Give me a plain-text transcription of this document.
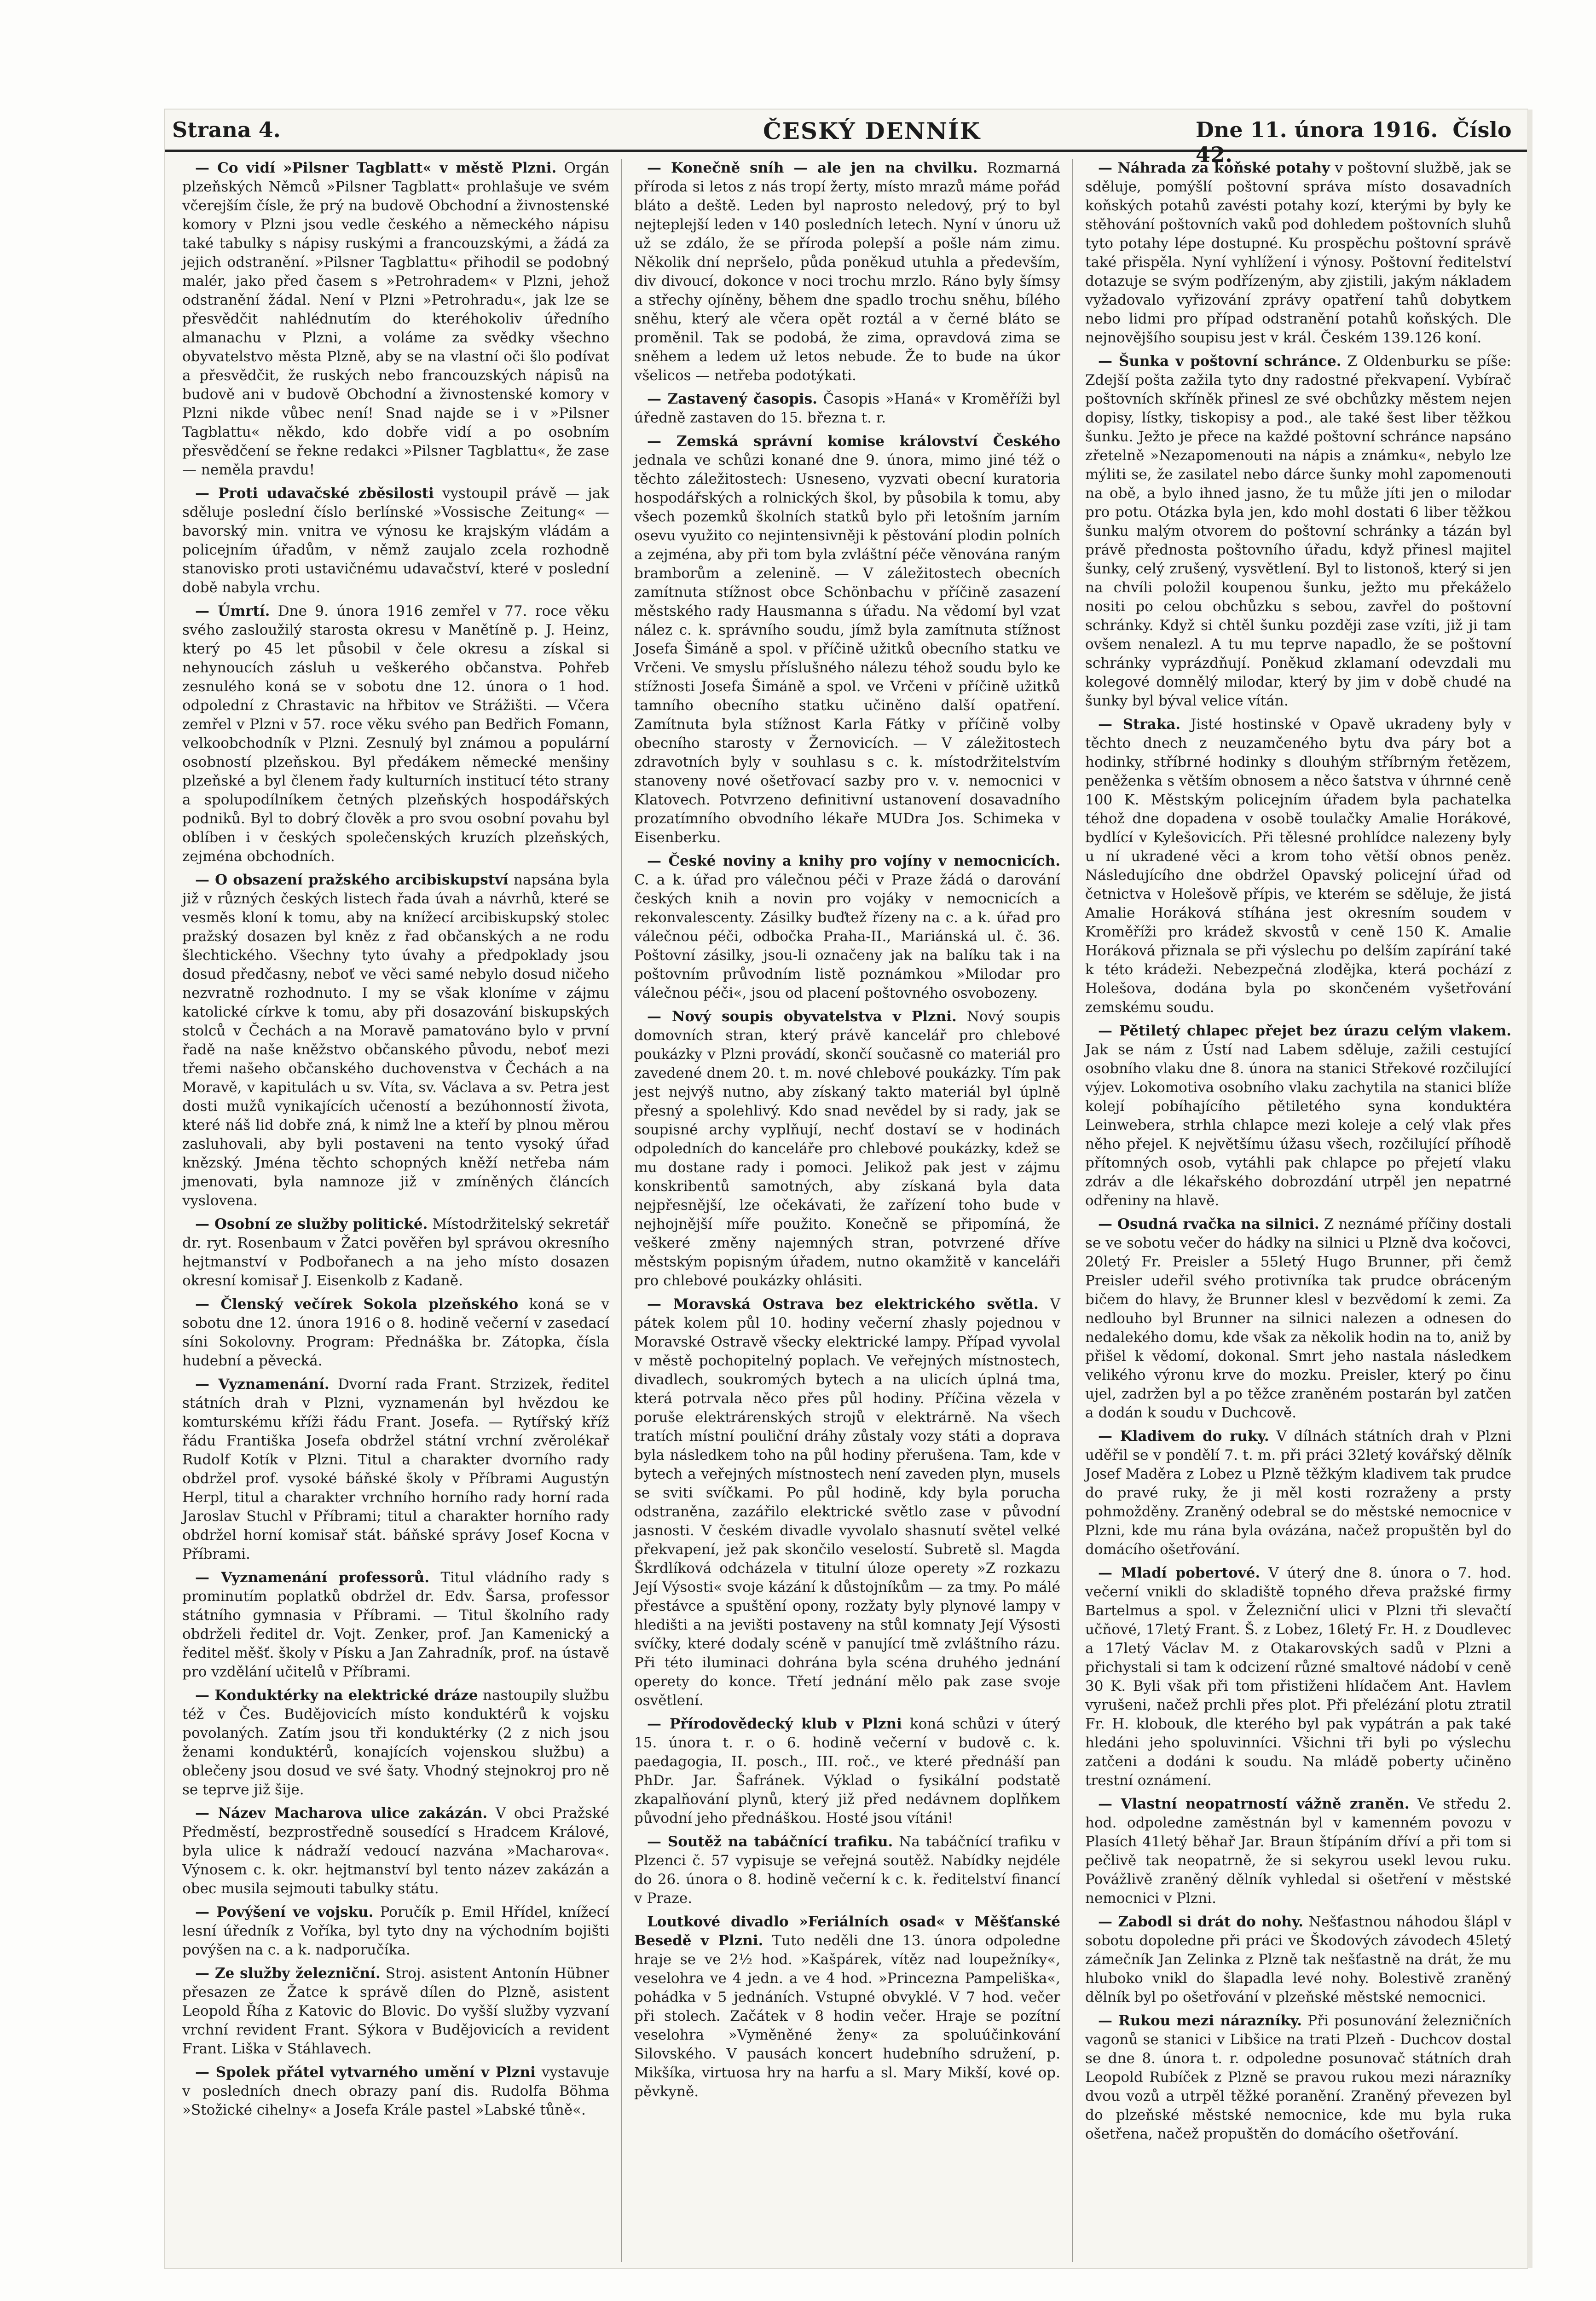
Strana 4.	ČESKÝ DENNÍK	Dne 11. února 1916. Číslo 42.

— Co vidí »Pilsner Tagblatt« v městě Plzni. Orgán plzeňských Němců »Pilsner Tagblatt« prohlašuje ve svém včerejším čísle, že prý na budově Obchodní a živnostenské komory v Plzni jsou vedle českého a německého nápisu také tabulky s nápisy ruskými a francouzskými, a žádá za jejich odstranění. »Pilsner Tagblattu« přihodil se podobný malér, jako před časem s »Petrohradem« v Plzni, jehož odstranění žádal. Není v Plzni »Petrohradu«, jak lze se přesvědčit nahlédnutím do kteréhokoliv úředního almanachu v Plzni, a voláme za svědky všechno obyvatelstvo města Plzně, aby se na vlastní oči šlo podívat a přesvědčit, že ruských nebo francouzských nápisů na budově ani v budově Obchodní a živnostenské komory v Plzni nikde vůbec není! Snad najde se i v »Pilsner Tagblattu« někdo, kdo dobře vidí a po osobním přesvědčení se řekne redakci »Pilsner Tagblattu«, že zase — neměla pravdu!

— Proti udavačské zběsilosti vystoupil právě — jak sděluje poslední číslo berlínské »Vossische Zeitung« — bavorský min. vnitra ve výnosu ke krajským vládám a policejním úřadům, v němž zaujalo zcela rozhodně stanovisko proti ustavičnému udavačství, které v poslední době nabyla vrchu.

— Úmrtí. Dne 9. února 1916 zemřel v 77. roce věku svého zasloužilý starosta okresu v Manětíně p. J. Heinz, který po 45 let působil v čele okresu a získal si nehynoucích zásluh u veškerého občanstva. Pohřeb zesnulého koná se v sobotu dne 12. února o 1 hod. odpolední z Chrastavic na hřbitov ve Strážišti. — Včera zemřel v Plzni v 57. roce věku svého pan Bedřich Fomann, velkoobchodník v Plzni. Zesnulý byl známou a populární osobností plzeňskou. Byl předákem německé menšiny plzeňské a byl členem řady kulturních institucí této strany a spolupodílníkem četných plzeňských hospodářských podniků. Byl to dobrý člověk a pro svou osobní povahu byl oblíben i v českých společenských kruzích plzeňských, zejména obchodních.

— O obsazení pražského arcibiskupství napsána byla již v různých českých listech řada úvah a návrhů, které se vesměs kloní k tomu, aby na knížecí arcibiskupský stolec pražský dosazen byl kněz z řad občanských a ne rodu šlechtického. Všechny tyto úvahy a předpoklady jsou dosud předčasny, neboť ve věci samé nebylo dosud ničeho nezvratně rozhodnuto. I my se však kloníme v zájmu katolické církve k tomu, aby při dosazování biskupských stolců v Čechách a na Moravě pamatováno bylo v první řadě na naše kněžstvo občanského původu, neboť mezi třemi našeho občanského duchovenstva v Čechách a na Moravě, v kapitulách u sv. Víta, sv. Václava a sv. Petra jest dosti mužů vynikajících učeností a bezúhonností života, které náš lid dobře zná, k nimž lne a kteří by plnou měrou zasluhovali, aby byli postaveni na tento vysoký úřad knězský. Jména těchto schopných kněží netřeba nám jmenovati, byla namnoze již v zmíněných článcích vyslovena.

— Osobní ze služby politické. Místodržitelský sekretář dr. ryt. Rosenbaum v Žatci pověřen byl správou okresního hejtmanství v Podbořanech a na jeho místo dosazen okresní komisař J. Eisenkolb z Kadaně.

— Členský večírek Sokola plzeňského koná se v sobotu dne 12. února 1916 o 8. hodině večerní v zasedací síni Sokolovny. Program: Přednáška br. Zátopka, čísla hudební a pěvecká.

— Vyznamenání. Dvorní rada Frant. Strzizek, ředitel státních drah v Plzni, vyznamenán byl hvězdou ke komturskému kříži řádu Frant. Josefa. — Rytířský kříž řádu Františka Josefa obdržel státní vrchní zvěrolékař Rudolf Kotík v Plzni. Titul a charakter dvorního rady obdržel prof. vysoké báňské školy v Příbrami Augustýn Herpl, titul a charakter vrchního horního rady horní rada Jaroslav Stuchl v Příbrami; titul a charakter horního rady obdržel horní komisař stát. báňské správy Josef Kocna v Příbrami.

— Vyznamenání professorů. Titul vládního rady s prominutím poplatků obdržel dr. Edv. Šarsa, professor státního gymnasia v Příbrami. — Titul školního rady obdrželi ředitel dr. Vojt. Zenker, prof. Jan Kamenický a ředitel měšť. školy v Písku a Jan Zahradník, prof. na ústavě pro vzdělání učitelů v Příbrami.

— Konduktérky na elektrické dráze nastoupily službu též v Čes. Budějovicích místo konduktérů k vojsku povolaných. Zatím jsou tři konduktérky (2 z nich jsou ženami konduktérů, konajících vojenskou službu) a oblečeny jsou dosud ve své šaty. Vhodný stejnokroj pro ně se teprve již šije.

— Název Macharova ulice zakázán. V obci Pražské Předměstí, bezprostředně sousedící s Hradcem Králové, byla ulice k nádraží vedoucí nazvána »Macharova«. Výnosem c. k. okr. hejtmanství byl tento název zakázán a obec musila sejmouti tabulky státu.

— Povýšení ve vojsku. Poručík p. Emil Hřídel, knížecí lesní úředník z Voříka, byl tyto dny na východním bojišti povýšen na c. a k. nadporučíka.

— Ze služby železniční. Stroj. asistent Antonín Hübner přesazen ze Žatce k správě dílen do Plzně, asistent Leopold Říha z Katovic do Blovic. Do vyšší služby vyzvaní vrchní revident Frant. Sýkora v Budějovicích a revident Frant. Liška v Stáhlavech.

— Spolek přátel vytvarného umění v Plzni vystavuje v posledních dnech obrazy paní dis. Rudolfa Böhma »Stožické cihelny« a Josefa Krále pastel »Labské tůně«.

— Konečně sníh — ale jen na chvilku. Rozmarná příroda si letos z nás tropí žerty, místo mrazů máme pořád bláto a deště. Leden byl naprosto neledový, prý to byl nejteplejší leden v 140 posledních letech. Nyní v únoru už už se zdálo, že se příroda polepší a pošle nám zimu. Několik dní nepršelo, půda poněkud utuhla a především, div divoucí, dokonce v noci trochu mrzlo. Ráno byly šímsy a střechy ojíněny, během dne spadlo trochu sněhu, bílého sněhu, který ale včera opět roztál a v černé bláto se proměnil. Tak se podobá, že zima, opravdová zima se sněhem a ledem už letos nebude. Že to bude na úkor všelicos — netřeba podotýkati.

— Zastavený časopis. Časopis »Haná« v Kroměříži byl úředně zastaven do 15. března t. r.

— Zemská správní komise království Českého jednala ve schůzi konané dne 9. února, mimo jiné též o těchto záležitostech: Usneseno, vyzvati obecní kuratoria hospodářských a rolnických škol, by působila k tomu, aby všech pozemků školních statků bylo při letošním jarním osevu využito co nejintensivněji k pěstování plodin polních a zejména, aby při tom byla zvláštní péče věnována raným bramborům a zelenině. — V záležitostech obecních zamítnuta stížnost obce Schönbachu v příčině zasazení městského rady Hausmanna s úřadu. Na vědomí byl vzat nález c. k. správního soudu, jímž byla zamítnuta stížnost Josefa Šimáně a spol. v příčině užitků obecního statku ve Vrčeni. Ve smyslu příslušného nálezu téhož soudu bylo ke stížnosti Josefa Šimáně a spol. ve Vrčeni v příčině užitků tamního obecního statku učiněno další opatření. Zamítnuta byla stížnost Karla Fátky v příčině volby obecního starosty v Žernovicích. — V záležitostech zdravotních byly v souhlasu s c. k. místodržitelstvím stanoveny nové ošetřovací sazby pro v. v. nemocnici v Klatovech. Potvrzeno definitivní ustanovení dosavadního prozatímního obvodního lékaře MUDra Jos. Schimeka v Eisenberku.

— České noviny a knihy pro vojíny v nemocnicích. C. a k. úřad pro válečnou péči v Praze žádá o darování českých knih a novin pro vojáky v nemocnicích a rekonvalescenty. Zásilky buďtež řízeny na c. a k. úřad pro válečnou péči, odbočka Praha-II., Mariánská ul. č. 36. Poštovní zásilky, jsou-li označeny jak na balíku tak i na poštovním průvodním listě poznámkou »Milodar pro válečnou péči«, jsou od placení poštovného osvobozeny.

— Nový soupis obyvatelstva v Plzni. Nový soupis domovních stran, který právě kancelář pro chlebové poukázky v Plzni provádí, skončí současně co materiál pro zavedené dnem 20. t. m. nové chlebové poukázky. Tím pak jest nejvýš nutno, aby získaný takto materiál byl úplně přesný a spolehlivý. Kdo snad nevědel by si rady, jak se soupisné archy vyplňují, nechť dostaví se v hodinách odpoledních do kanceláře pro chlebové poukázky, kdež se mu dostane rady i pomoci. Jelikož pak jest v zájmu konskribentů samotných, aby získaná byla data nejpřesnější, lze očekávati, že zařízení toho bude v nejhojnější míře použito. Konečně se připomíná, že veškeré změny najemných stran, potvrzené dříve městským popisným úřadem, nutno okamžitě v kanceláři pro chlebové poukázky ohlásiti.

— Moravská Ostrava bez elektrického světla. V pátek kolem půl 10. hodiny večerní zhasly pojednou v Moravské Ostravě všecky elektrické lampy. Případ vyvolal v městě pochopitelný poplach. Ve veřejných místnostech, divadlech, soukromých bytech a na ulicích úplná tma, která potrvala něco přes půl hodiny. Příčina vězela v poruše elektrárenských strojů v elektrárně. Na všech tratích místní pouliční dráhy zůstaly vozy státi a doprava byla následkem toho na půl hodiny přerušena. Tam, kde v bytech a veřejných místnostech není zaveden plyn, musels se sviti svíčkami. Po půl hodině, kdy byla porucha odstraněna, zazářilo elektrické světlo zase v původní jasnosti. V českém divadle vyvolalo shasnutí světel velké překvapení, jež pak skončilo veselostí. Subretě sl. Magda Škrdlíková odcházela v titulní úloze operety »Z rozkazu Její Výsosti« svoje kázání k důstojníkům — za tmy. Po málé přestávce a spuštění opony, rozžaty byly plynové lampy v hledišti a na jevišti postaveny na stůl komnaty Její Výsosti svíčky, které dodaly scéně v panující tmě zvláštního rázu. Při této iluminaci dohrána byla scéna druhého jednání operety do konce. Třetí jednání mělo pak zase svoje osvětlení.

— Přírodovědecký klub v Plzni koná schůzi v úterý 15. února t. r. o 6. hodině večerní v budově c. k. paedagogia, II. posch., III. roč., ve které přednáší pan PhDr. Jar. Šafránek. Výklad o fysikální podstatě zkapalňování plynů, který již před nedávnem doplňkem původní jeho přednáškou. Hosté jsou vítáni!

— Soutěž na tabáčnící trafiku. Na tabáčnící trafiku v Plzenci č. 57 vypisuje se veřejná soutěž. Nabídky nejdéle do 26. února o 8. hodině večerní k c. k. ředitelství financí v Praze.

Loutkové divadlo »Feriálních osad« v Měšťanské Besedě v Plzni. Tuto neděli dne 13. února odpoledne hraje se ve 2½ hod. »Kašpárek, vítěz nad loupežníky«, veselohra ve 4 jedn. a ve 4 hod. »Princezna Pampeliška«, pohádka v 5 jednáních. Vstupné obvyklé. V 7 hod. večer při stolech. Začátek v 8 hodin večer. Hraje se pozítní veselohra »Vyměněné ženy« za spoluúčinkování Silovského. V pausách koncert hudebního sdružení, p. Mikšíka, virtuosa hry na harfu a sl. Mary Mikší, kové op. pěvkyně.

— Náhrada za koňské potahy v poštovní službě, jak se sděluje, pomýšlí poštovní správa místo dosavadních koňských potahů zavésti potahy kozí, kterými by byly ke stěhování poštovních vaků pod dohledem poštovních sluhů tyto potahy lépe dostupné. Ku prospěchu poštovní správě také přispěla. Nyní vyhlížení i výnosy. Poštovní ředitelství dotazuje se svým podřízeným, aby zjistili, jakým nákladem vyžadovalo vyřizování zprávy opatření tahů dobytkem nebo lidmi pro případ odstranění potahů koňských. Dle nejnovějšího soupisu jest v král. Českém 139.126 koní.

— Šunka v poštovní schránce. Z Oldenburku se píše: Zdejší pošta zažila tyto dny radostné překvapení. Vybírač poštovních skříněk přinesl ze své obchůzky městem nejen dopisy, lístky, tiskopisy a pod., ale také šest liber těžkou šunku. Ježto je přece na každé poštovní schránce napsáno zřetelně »Nezapomenouti na nápis a známku«, nebylo lze mýliti se, že zasilatel nebo dárce šunky mohl zapomenouti na obě, a bylo ihned jasno, že tu může jíti jen o milodar pro potu. Otázka byla jen, kdo mohl dostati 6 liber těžkou šunku malým otvorem do poštovní schránky a tázán byl právě přednosta poštovního úřadu, když přinesl majitel šunky, celý zrušený, vysvětlení. Byl to listonoš, který si jen na chvíli položil koupenou šunku, ježto mu překáželo nositi po celou obchůzku s sebou, zavřel do poštovní schránky. Když si chtěl šunku později zase vzíti, již ji tam ovšem nenalezl. A tu mu teprve napadlo, že se poštovní schránky vyprázdňují. Poněkud zklamaní odevzdali mu kolegové domnělý milodar, který by jim v době chudé na šunky byl býval velice vítán.

— Straka. Jisté hostinské v Opavě ukradeny byly v těchto dnech z neuzamčeného bytu dva páry bot a hodinky, stříbrné hodinky s dlouhým stříbrným řetězem, peněženka s větším obnosem a něco šatstva v úhrnné ceně 100 K. Městským policejním úřadem byla pachatelka téhož dne dopadena v osobě toulačky Amalie Horákové, bydlící v Kylešovicích. Při tělesné prohlídce nalezeny byly u ní ukradené věci a krom toho větší obnos peněz. Následujícího dne obdržel Opavský policejní úřad od četnictva v Holešově přípis, ve kterém se sděluje, že jistá Amalie Horáková stíhána jest okresním soudem v Kroměříži pro krádež skvostů v ceně 150 K. Amalie Horáková přiznala se při výslechu po delším zapírání také k této krádeži. Nebezpečná zlodějka, která pochází z Holešova, dodána byla po skončeném vyšetřování zemskému soudu.

— Pětiletý chlapec přejet bez úrazu celým vlakem. Jak se nám z Ústí nad Labem sděluje, zažili cestující osobního vlaku dne 8. února na stanici Střekové rozčilující výjev. Lokomotiva osobního vlaku zachytila na stanici blíže kolejí pobíhajícího pětiletého syna konduktéra Leinwebera, strhla chlapce mezi koleje a celý vlak přes něho přejel. K největšímu úžasu všech, rozčilující příhodě přítomných osob, vytáhli pak chlapce po přejetí vlaku zdráv a dle lékařského dobrozdání utrpěl jen nepatrné odřeniny na hlavě.

— Osudná rvačka na silnici. Z neznámé příčiny dostali se ve sobotu večer do hádky na silnici u Plzně dva kočovci, 20letý Fr. Preisler a 55letý Hugo Brunner, při čemž Preisler udeřil svého protivníka tak prudce obráceným bičem do hlavy, že Brunner klesl v bezvědomí k zemi. Za nedlouho byl Brunner na silnici nalezen a odnesen do nedalekého domu, kde však za několik hodin na to, aniž by přišel k vědomí, dokonal. Smrt jeho nastala následkem velikého výronu krve do mozku. Preisler, který po činu ujel, zadržen byl a po těžce zraněném postarán byl zatčen a dodán k soudu v Duchcově.

— Kladivem do ruky. V dílnách státních drah v Plzni uděřil se v pondělí 7. t. m. při práci 32letý kovářský dělník Josef Maděra z Lobez u Plzně těžkým kladivem tak prudce do pravé ruky, že ji měl kosti rozraženy a prsty pohmožděny. Zraněný odebral se do městské nemocnice v Plzni, kde mu rána byla ovázána, načež propuštěn byl do domácího ošetřování.

— Mladí pobertové. V úterý dne 8. února o 7. hod. večerní vnikli do skladiště topného dřeva pražské firmy Bartelmus a spol. v Železniční ulici v Plzni tři slevačtí učňové, 17letý Frant. Š. z Lobez, 16letý Fr. H. z Doudlevec a 17letý Václav M. z Otakarovských sadů v Plzni a přichystali si tam k odcizení různé smaltové nádobí v ceně 30 K. Byli však při tom přistiženi hlídačem Ant. Havlem vyrušeni, načež prchli přes plot. Při přelézání plotu ztratil Fr. H. klobouk, dle kterého byl pak vypátrán a pak také hledáni jeho spoluvinníci. Všichni tři byli po výslechu zatčeni a dodáni k soudu. Na mládě poberty učiněno trestní oznámení.

— Vlastní neopatrností vážně zraněn. Ve středu 2. hod. odpoledne zaměstnán byl v kamenném povozu v Plasích 41letý běhař Jar. Braun štípáním dříví a při tom si pečlivě tak neopatrně, že si sekyrou usekl levou ruku. Povážlivě zraněný dělník vyhledal si ošetření v městské nemocnici v Plzni.

— Zabodl si drát do nohy. Nešťastnou náhodou šlápl v sobotu dopoledne při práci ve Škodových závodech 45letý zámečník Jan Zelinka z Plzně tak nešťastně na drát, že mu hluboko vnikl do šlapadla levé nohy. Bolestivě zraněný dělník byl po ošetřování v plzeňské městské nemocnici.

— Rukou mezi nárazníky. Při posunování železničních vagonů se stanici v Libšice na trati Plzeň - Duchcov dostal se dne 8. února t. r. odpoledne posunovač státních drah Leopold Rubíček z Plzně se pravou rukou mezi nárazníky dvou vozů a utrpěl těžké poranění. Zraněný převezen byl do plzeňské městské nemocnice, kde mu byla ruka ošetřena, načež propuštěn do domácího ošetřování.
